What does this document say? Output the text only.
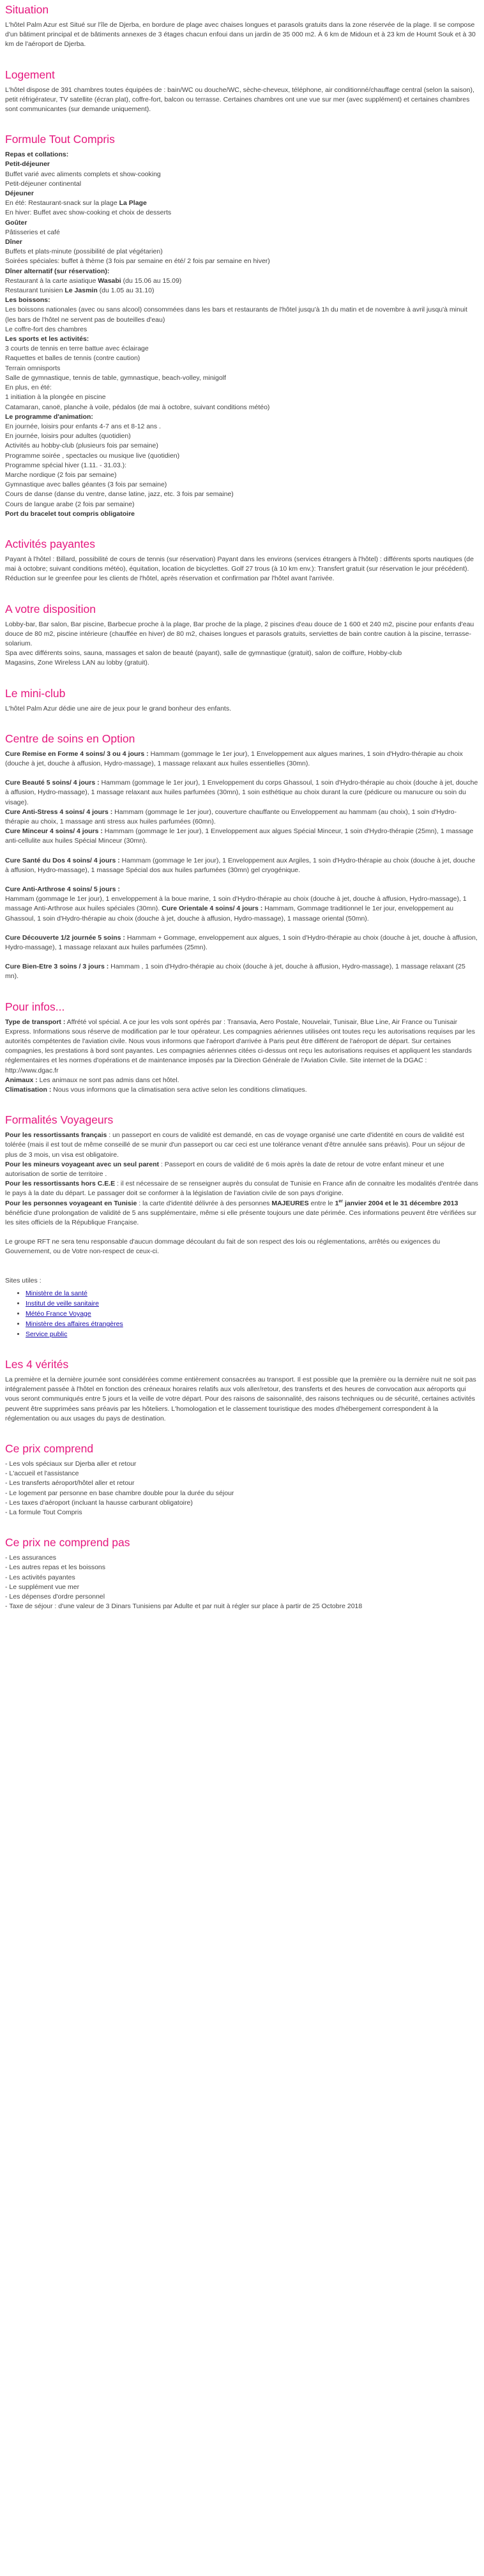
Situation

L'hôtel Palm Azur est Situé sur l'île de Djerba, en bordure de plage avec chaises longues et parasols gratuits dans la zone réservée de la plage. Il se compose d'un bâtiment principal et de bâtiments annexes de 3 étages chacun enfoui dans un jardin de 35 000 m2. À 6 km de Midoun et à 23 km de Houmt Souk et à 30 km de l'aéroport de Djerba.

Logement

L'hôtel dispose de 391 chambres toutes équipées de : bain/WC ou douche/WC, sèche-cheveux, téléphone, air conditionné/chauffage central (selon la saison), petit réfrigérateur, TV satellite (écran plat), coffre-fort, balcon ou terrasse. Certaines chambres ont une vue sur mer (avec supplément) et certaines chambres sont communicantes (sur demande uniquement).

Formule Tout Compris
Repas et collations:
Petit-déjeuner
Buffet varié avec aliments complets et show-cooking
Petit-déjeuner continental
Déjeuner
En été: Restaurant-snack sur la plage La Plage
En hiver: Buffet avec show-cooking et choix de desserts
Goûter
Pâtisseries et café
Dîner
Buffets et plats-minute (possibilité de plat végétarien)
Soirées spéciales: buffet à thème (3 fois par semaine en été/ 2 fois par semaine en hiver)
Dîner alternatif (sur réservation):
Restaurant à la carte asiatique Wasabi (du 15.06 au 15.09)
Restaurant tunisien Le Jasmin (du 1.05 au 31.10)
Les boissons:
Les boissons nationales (avec ou sans alcool) consommées dans les bars et restaurants de l'hôtel jusqu'à 1h du matin et de novembre à avril jusqu'à minuit (les bars de l'hôtel ne servent pas de bouteilles d'eau)
Le coffre-fort des chambres
Les sports et les activités:
3 courts de tennis en terre battue avec éclairage
Raquettes et balles de tennis (contre caution)
Terrain omnisports
Salle de gymnastique, tennis de table, gymnastique, beach-volley, minigolf
En plus, en été:
1 initiation à la plongée en piscine
Catamaran, canoë, planche à voile, pédalos (de mai à octobre, suivant conditions météo)
Le programme d'animation:
En journée, loisirs pour enfants 4-7 ans et 8-12 ans .
En journée, loisirs pour adultes (quotidien)
Activités au hobby-club (plusieurs fois par semaine)
Programme soirée , spectacles ou musique live (quotidien)
Programme spécial hiver (1.11. - 31.03.):
Marche nordique (2 fois par semaine)
Gymnastique avec balles géantes (3 fois par semaine)
Cours de danse (danse du ventre, danse latine, jazz, etc. 3 fois par semaine)
Cours de langue arabe (2 fois par semaine)
Port du bracelet tout compris obligatoire
Activités payantes

Payant à l'hôtel : Billard, possibilité de cours de tennis (sur réservation) Payant dans les environs (services étrangers à l'hôtel) : différents sports nautiques (de mai à octobre; suivant conditions météo), équitation, location de bicyclettes. Golf 27 trous (à 10 km env.): Transfert gratuit (sur réservation le jour précédent). Réduction sur le greenfee pour les clients de l'hôtel, après réservation et confirmation par l'hôtel avant l'arrivée.

A votre disposition

Lobby-bar, Bar salon, Bar piscine, Barbecue proche à la plage, Bar proche de la plage, 2 piscines d'eau douce de 1 600 et 240 m2, piscine pour enfants d'eau douce de 80 m2, piscine intérieure (chauffée en hiver) de 80 m2, chaises longues et parasols gratuits, serviettes de bain contre caution à la piscine, terrasse-solarium.

Spa avec différents soins, sauna, massages et salon de beauté (payant), salle de gymnastique (gratuit), salon de coiffure, Hobby-club

Magasins, Zone Wireless LAN au lobby (gratuit).

Le mini-club

L'hôtel Palm Azur dédie une aire de jeux pour le grand bonheur des enfants.

Centre de soins en Option

Cure Remise en Forme 4 soins/ 3 ou 4 jours : Hammam (gommage le 1er jour), 1 Enveloppement aux algues marines, 1 soin d'Hydro-thérapie au choix (douche à jet, douche à affusion, Hydro-massage), 1 massage relaxant aux huiles essentielles (30mn).

Cure Beauté 5 soins/ 4 jours : Hammam (gommage le 1er jour), 1 Enveloppement du corps Ghassoul, 1 soin d'Hydro-thérapie au choix (douche à jet, douche à affusion, Hydro-massage), 1 massage relaxant aux huiles parfumées (30mn), 1 soin esthétique au choix durant la cure (pédicure ou manucure ou soin du visage).

Cure Anti-Stress 4 soins/ 4 jours : Hammam (gommage le 1er jour), couverture chauffante ou Enveloppement au hammam (au choix), 1 soin d'Hydro-thérapie au choix, 1 massage anti stress aux huiles parfumées (60mn).

Cure Minceur 4 soins/ 4 jours : Hammam (gommage le 1er jour), 1 Enveloppement aux algues Spécial Minceur, 1 soin d'Hydro-thérapie (25mn), 1 massage anti-cellulite aux huiles Spécial Minceur (30mn).

Cure Santé du Dos 4 soins/ 4 jours : Hammam (gommage le 1er jour), 1 Enveloppement aux Argiles, 1 soin d'Hydro-thérapie au choix (douche à jet, douche à affusion, Hydro-massage), 1 massage Spécial dos aux huiles parfumées (30mn) gel cryogénique.

Cure Anti-Arthrose 4 soins/ 5 jours :
Hammam (gommage le 1er jour), 1 enveloppement à la boue marine, 1 soin d'Hydro-thérapie au choix (douche à jet, douche à affusion, Hydro-massage), 1 massage Anti-Arthrose aux huiles spéciales (30mn). Cure Orientale 4 soins/ 4 jours : Hammam, Gommage traditionnel le 1er jour, enveloppement au Ghassoul, 1 soin d'Hydro-thérapie au choix (douche à jet, douche à affusion, Hydro-massage), 1 massage oriental (50mn).

Cure Découverte 1/2 journée 5 soins : Hammam + Gommage, enveloppement aux algues, 1 soin d'Hydro-thérapie au choix (douche à jet, douche à affusion, Hydro-massage), 1 massage relaxant aux huiles parfumées (25mn).

Cure Bien-Etre 3 soins / 3 jours : Hammam , 1 soin d'Hydro-thérapie au choix (douche à jet, douche à affusion, Hydro-massage), 1 massage relaxant (25 mn).

Pour infos...

Type de transport : Affrété vol spécial. A ce jour les vols sont opérés par : Transavia, Aero Postale, Nouvelair, Tunisair, Blue Line, Air France ou Tunisair Express. Informations sous réserve de modification par le tour opérateur. Les compagnies aériennes utilisées ont toutes reçu les autorisations requises par les autorités compétentes de l'aviation civile. Nous vous informons que l'aéroport d'arrivée à Paris peut être différent de l'aéroport de départ. Sur certaines compagnies, les prestations à bord sont payantes. Les compagnies aériennes citées ci-dessus ont reçu les autorisations requises et appliquent les standards réglementaires et les normes d'opérations et de maintenance imposés par la Direction Générale de l'Aviation Civile. Site internet de la DGAC : http://www.dgac.fr

Animaux : Les animaux ne sont pas admis dans cet hôtel.

Climatisation : Nous vous informons que la climatisation sera active selon les conditions climatiques.

Formalités Voyageurs

Pour les ressortissants français : un passeport en cours de validité est demandé, en cas de voyage organisé une carte d'identité en cours de validité est tolérée (mais il est tout de même conseillé de se munir d'un passeport ou car ceci est une tolérance venant d'être annulée sans préavis). Pour un séjour de plus de 3 mois, un visa est obligatoire.

Pour les mineurs voyageant avec un seul parent : Passeport en cours de validité de 6 mois après la date de retour de votre enfant mineur et une autorisation de sortie de territoire .

Pour les ressortissants hors C.E.E : il est nécessaire de se renseigner auprès du consulat de Tunisie en France afin de connaitre les modalités d'entrée dans le pays à la date du départ. Le passager doit se conformer à la législation de l'aviation civile de son pays d'origine.

Pour les personnes voyageant en Tunisie : la carte d'identité délivrée à des personnes MAJEURES entre le 1er janvier 2004 et le 31 décembre 2013 bénéficie d'une prolongation de validité de 5 ans supplémentaire, même si elle présente toujours une date périmée. Ces informations peuvent être vérifiées sur les sites officiels de la République Française.

Le groupe RFT ne sera tenu responsable d'aucun dommage découlant du fait de son respect des lois ou réglementations, arrêtés ou exigences du Gouvernement, ou de Votre non-respect de ceux-ci.

Sites utiles :

• Ministère de la santé
• Institut de veille sanitaire
• Météo France Voyage
• Ministère des affaires étrangères
• Service public
Les 4 vérités

La première et la dernière journée sont considérées comme entièrement consacrées au transport. Il est possible que la première ou la dernière nuit ne soit pas intégralement passée à l'hôtel en fonction des créneaux horaires relatifs aux vols aller/retour, des transferts et des heures de convocation aux aéroports qui vous seront communiqués entre 5 jours et la veille de votre départ. Pour des raisons de saisonnalité, des raisons techniques ou de sécurité, certaines activités peuvent être supprimées sans préavis par les hôteliers. L'homologation et le classement touristique des modes d'hébergement correspondent à la réglementation ou aux usages du pays de destination.

Ce prix comprend
- Les vols spéciaux sur Djerba aller et retour
- L'accueil et l'assistance
- Les transferts aéroport/hôtel aller et retour
- Le logement par personne en base chambre double pour la durée du séjour
- Les taxes d'aéroport (incluant la hausse carburant obligatoire)
- La formule Tout Compris
Ce prix ne comprend pas
- Les assurances
- Les autres repas et les boissons
- Les activités payantes
- Le supplément vue mer
- Les dépenses d'ordre personnel
- Taxe de séjour : d'une valeur de 3 Dinars Tunisiens par Adulte et par nuit à régler sur place à partir de 25 Octobre 2018
